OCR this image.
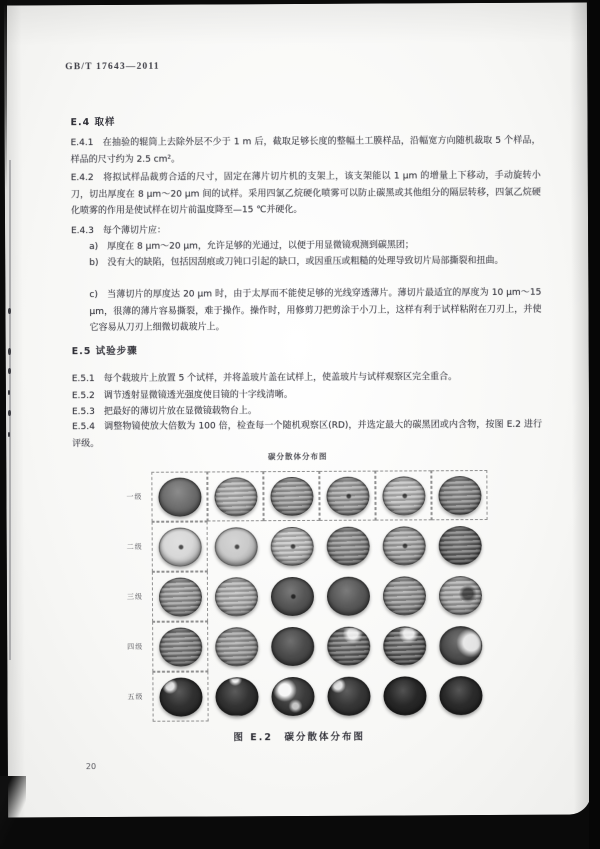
GB/T 17643—2011
E.4 取样
E.4.1　在抽验的辊筒上去除外层不少于 1 m 后，截取足够长度的整幅土工膜样品，沿幅宽方向随机裁取 5 个样品，样品的尺寸约为 2.5 cm²。
E.4.2　将拟试样品裁剪合适的尺寸，固定在薄片切片机的支架上，该支架能以 1 μm 的增量上下移动，手动旋转小刀，切出厚度在 8 μm～20 μm 间的试样。采用四氯乙烷硬化喷雾可以防止碳黑或其他组分的隔层转移，四氯乙烷硬化喷雾的作用是使试样在切片前温度降至—15 ℃并硬化。
E.4.3　每个薄切片应：
a)　厚度在 8 μm～20 μm，允许足够的光通过，以便于用显微镜观测到碳黑团；
b)　没有大的缺陷，包括因刮痕或刀钝口引起的缺口，或因重压或粗糙的处理导致切片局部撕裂和扭曲。
c)　当薄切片的厚度达 20 μm 时，由于太厚而不能使足够的光线穿透薄片。薄切片最适宜的厚度为 10 μm～15 μm，很薄的薄片容易撕裂，难于操作。操作时，用修剪刀把剪涂于小刀上，这样有利于试样粘附在刀刃上，并使它容易从刀刃上细微切裁玻片上。
E.5 试验步骤
E.5.1　每个载玻片上放置 5 个试样，并将盖玻片盖在试样上，使盖玻片与试样观察区完全重合。
E.5.2　调节透射显微镜透光强度使目镜的十字线清晰。
E.5.3　把最好的薄切片放在显微镜载物台上。
E.5.4　调整物镜使放大倍数为 100 倍，检查每一个随机观察区(RD)，并选定最大的碳黑团或内含物，按图 E.2 进行评级。
碳分散体分布图
一级
二级
三级
四级
五级
图 E.2　碳分散体分布图
20
